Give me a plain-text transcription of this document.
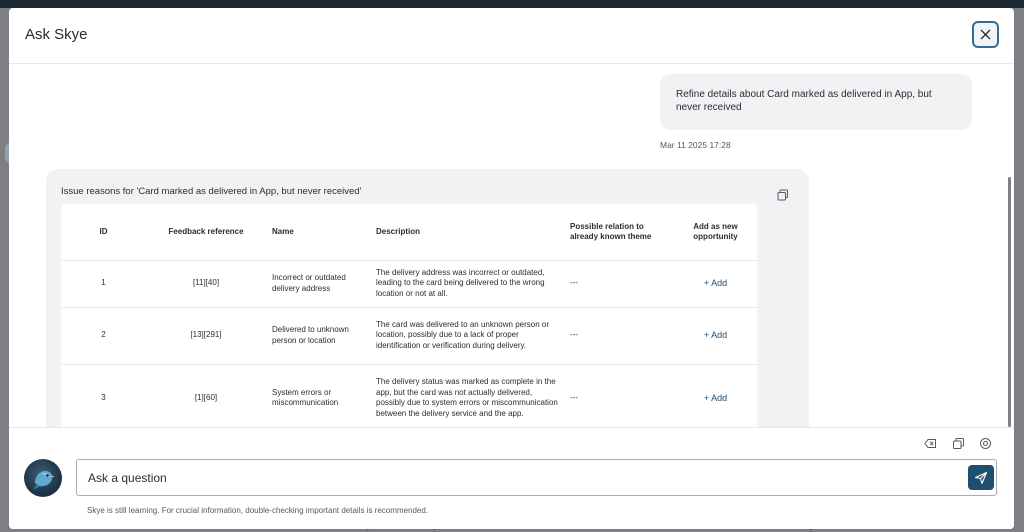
Ask Skye
Refine details about Card marked as delivered in App, but never received
Mar 11 2025 17:28
Issue reasons for 'Card marked as delivered in App, but never received'
ID	Feedback reference	Name	Description	Possible relation to already known theme	Add as new opportunity
1	[11][40]	Incorrect or outdated delivery address	The delivery address was incorrect or outdated, leading to the card being delivered to the wrong location or not at all.	---	+ Add
2	[13][291]	Delivered to unknown person or location	The card was delivered to an unknown person or location, possibly due to a lack of proper identification or verification during delivery.	---	+ Add
3	[1][60]	System errors or miscommunication	The delivery status was marked as complete in the app, but the card was not actually delivered, possibly due to system errors or miscommunication between the delivery service and the app.	---	+ Add
Ask a question
Skye is still learning. For crucial information, double-checking important details is recommended.
